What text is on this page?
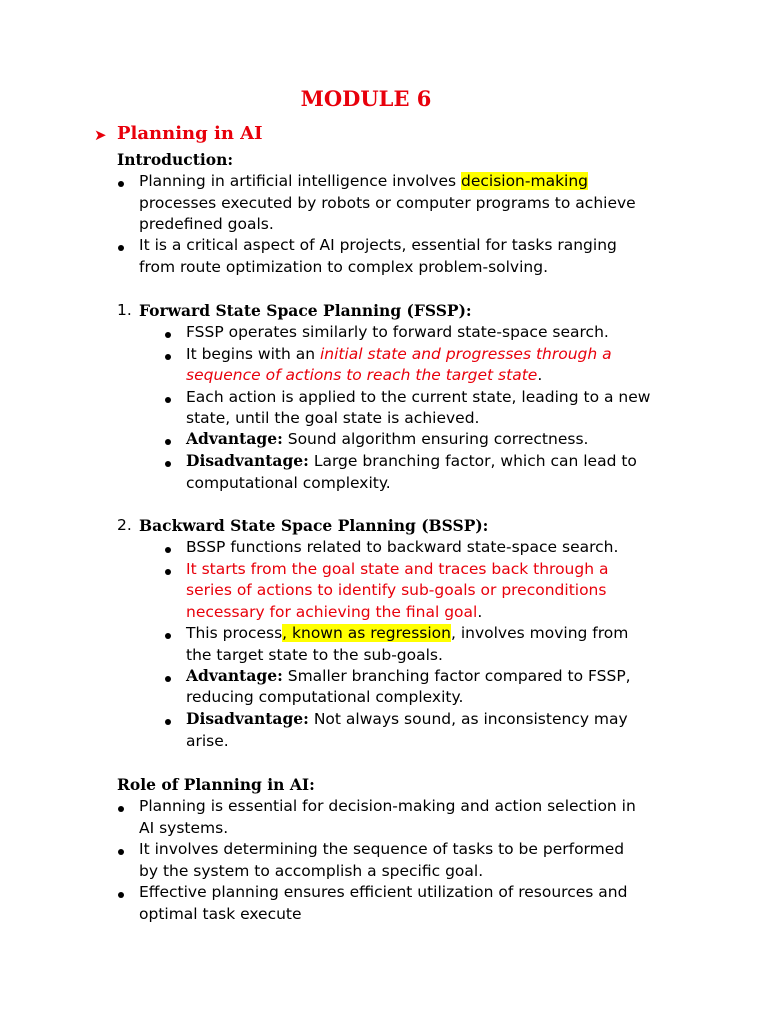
MODULE 6
➤ Planning in AI
Introduction:
Planning in artificial intelligence involves decision-making
processes executed by robots or computer programs to achieve
predefined goals.
It is a critical aspect of AI projects, essential for tasks ranging
from route optimization to complex problem-solving.
1. Forward State Space Planning (FSSP):
FSSP operates similarly to forward state-space search.
It begins with an initial state and progresses through a
sequence of actions to reach the target state.
Each action is applied to the current state, leading to a new
state, until the goal state is achieved.
Advantage: Sound algorithm ensuring correctness.
Disadvantage: Large branching factor, which can lead to
computational complexity.
2. Backward State Space Planning (BSSP):
BSSP functions related to backward state-space search.
It starts from the goal state and traces back through a
series of actions to identify sub-goals or preconditions
necessary for achieving the final goal.
This process, known as regression, involves moving from
the target state to the sub-goals.
Advantage: Smaller branching factor compared to FSSP,
reducing computational complexity.
Disadvantage: Not always sound, as inconsistency may
arise.
Role of Planning in AI:
Planning is essential for decision-making and action selection in
AI systems.
It involves determining the sequence of tasks to be performed
by the system to accomplish a specific goal.
Effective planning ensures efficient utilization of resources and
optimal task execute
